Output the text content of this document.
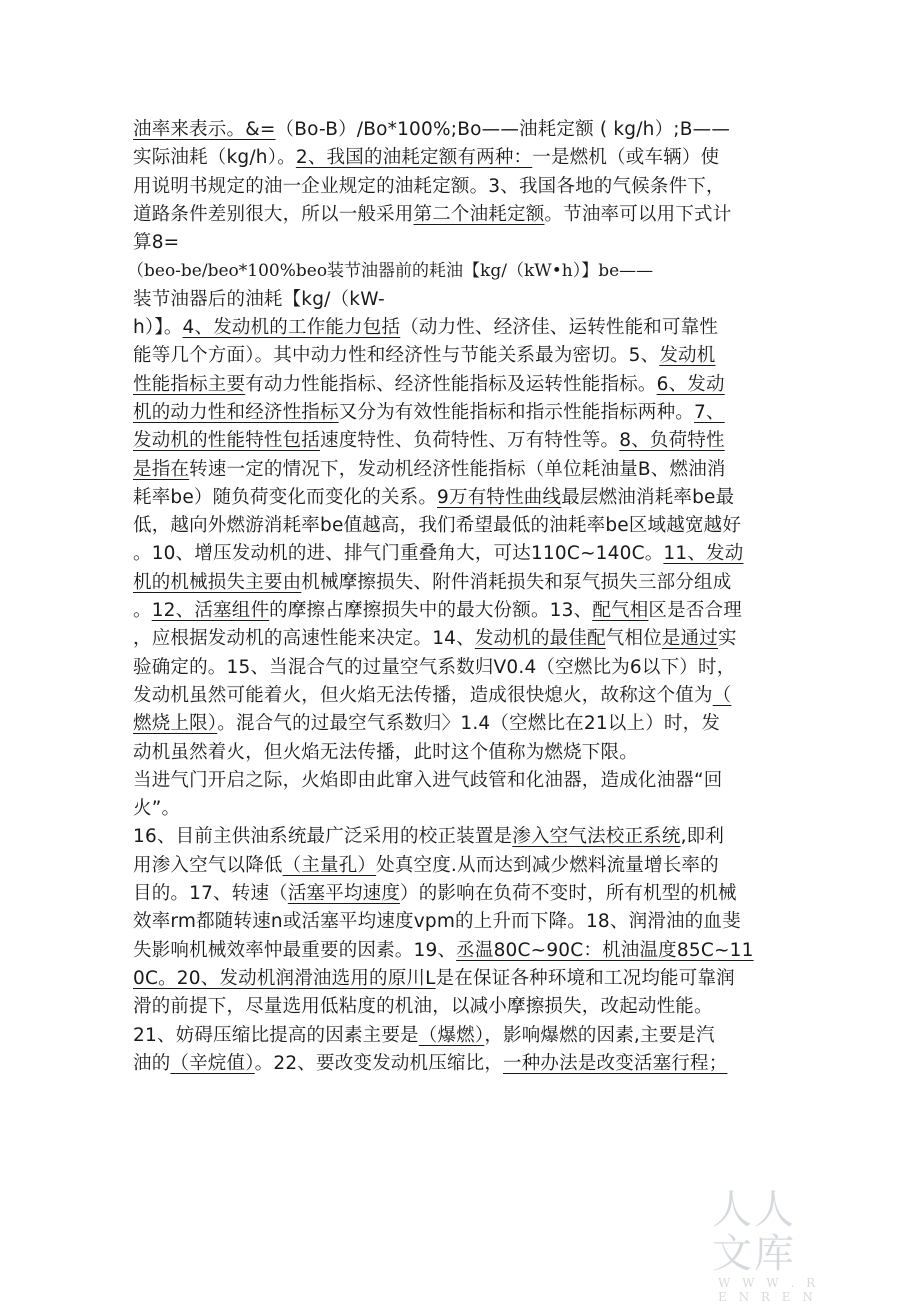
油率来表示。&=（Bo-B）/Bo*100%;Bo——油耗定额 ( kg/h）;B——
实际油耗（kg/h）。2、我国的油耗定额有两种：一是燃机（或车辆）使
用说明书规定的油一企业规定的油耗定额。3、我国各地的气候条件下，
道路条件差别很大，所以一般采用第二个油耗定额。节油率可以用下式计
算8=
（beo-be/beo*100%beo装节油器前的耗油【kg/（kW•h）】be——
装节油器后的油耗【kg/（kW-
h）】。4、发动机的工作能力包括（动力性、经济佳、运转性能和可靠性
能等几个方面）。其中动力性和经济性与节能关系最为密切。5、发动机
性能指标主要有动力性能指标、经济性能指标及运转性能指标。6、发动
机的动力性和经济性指标又分为有效性能指标和指示性能指标两种。7、
发动机的性能特性包括速度特性、负荷特性、万有特性等。8、负荷特性
是指在转速一定的情况下，发动机经济性能指标（单位耗油量B、燃油消
耗率be）随负荷变化而变化的关系。9万有特性曲线最层燃油消耗率be最
低，越向外燃游消耗率be值越高，我们希望最低的油耗率be区域越宽越好
。10、增压发动机的进、排气门重叠角大，可达110C~140C。11、发动
机的机械损失主要由机械摩擦损失、附件消耗损失和泵气损失三部分组成
。12、活塞组件的摩擦占摩擦损失中的最大份额。13、配气相区是否合理
，应根据发动机的高速性能来决定。14、发动机的最佳配气相位是通过实
验确定的。15、当混合气的过量空气系数归V0.4（空燃比为6以下）时，
发动机虽然可能着火，但火焰无法传播，造成很快熄火，故称这个值为（
燃烧上限）。混合气的过最空气系数归〉1.4（空燃比在21以上）时，发
动机虽然着火，但火焰无法传播，此时这个值称为燃烧下限。
当进气门开启之际，火焰即由此窜入进气歧管和化油器，造成化油器“回
火”。
16、目前主供油系统最广泛采用的校正装置是渗入空气法校正系统,即利
用渗入空气以降低（主量孔）处真空度.从而达到减少燃料流量增长率的
目的。17、转速（活塞平均速度）的影响在负荷不变时，所有机型的机械
效率rm都随转速n或活塞平均速度vpm的上升而下降。18、润滑油的血斐
失影响机械效率忡最重要的因素。19、丞温80C~90C：机油温度85C~11
0C。20、发动机润滑油选用的原川L是在保证各种环境和工况均能可靠润
滑的前提下，尽量选用低粘度的机油，以减小摩擦损失，改起动性能。
21、妨碍压缩比提高的因素主要是（爆燃），影响爆燃的因素,主要是汽
油的（辛烷值）。22、要改变发动机压缩比，一种办法是改变活塞行程；
人人文库
W W W . R E N R E N
